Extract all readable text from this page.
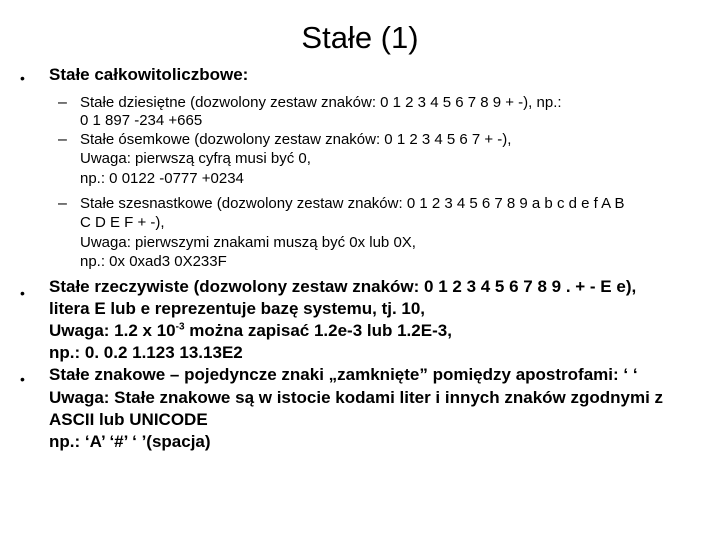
Stałe (1)
• Stałe całkowitoliczbowe:
– Stałe dziesiętne (dozwolony zestaw znaków: 0 1 2 3 4 5 6 7 8 9 + -), np.:
0 1 897 -234 +665
– Stałe ósemkowe (dozwolony zestaw znaków: 0 1 2 3 4 5 6 7 + -),
Uwaga: pierwszą cyfrą musi być 0,
np.: 0 0122 -0777 +0234
– Stałe szesnastkowe (dozwolony zestaw znaków: 0 1 2 3 4 5 6 7 8 9 a b c d e f A B
C D E F + -),
Uwaga: pierwszymi znakami muszą być 0x lub 0X,
np.: 0x 0xad3 0X233F
• Stałe rzeczywiste (dozwolony zestaw znaków: 0 1 2 3 4 5 6 7 8 9 . + - E e),
litera E lub e reprezentuje bazę systemu, tj. 10,
Uwaga: 1.2 x $10^{-3}$ można zapisać 1.2e-3 lub 1.2E-3,
np.: 0. 0.2 1.123 13.13E2
• Stałe znakowe – pojedyncze znaki „zamknięte” pomiędzy apostrofami: ‘ ‘
Uwaga: Stałe znakowe są w istocie kodami liter i innych znaków zgodnymi z
ASCII lub UNICODE
np.: ‘A’ ‘#’ ‘ ’(spacja)
